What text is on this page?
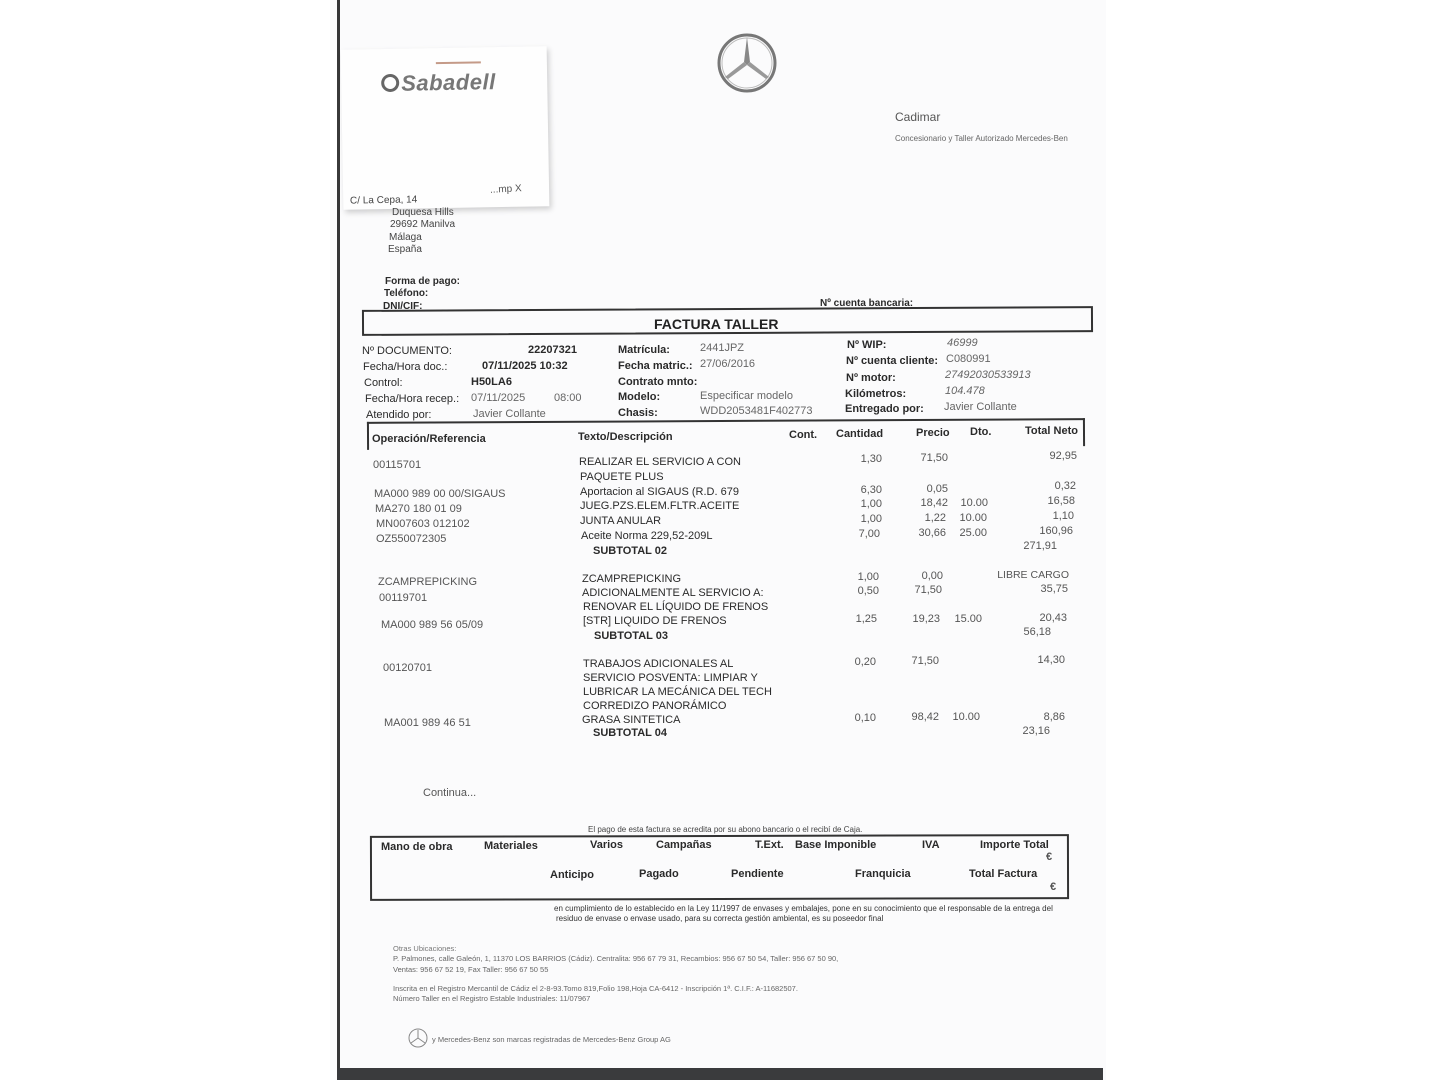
Sabadell
Cadimar
Concesionario y Taller Autorizado Mercedes-Ben
...mp X
C/ La Cepa, 14
Duquesa Hills
29692 Manilva
Málaga
España
Forma de pago:
Teléfono:
DNI/CIF:	Nº cuenta bancaria:
FACTURA TALLER
Nº DOCUMENTO:	22207321
Fecha/Hora doc.:	07/11/2025 10:32
Control:	H50LA6
Fecha/Hora recep.: 07/11/2025	08:00
Atendido por:	Javier Collante
Matrícula:	2441JPZ
Fecha matric.: 27/06/2016
Contrato mnto:
Modelo:	Especificar modelo
Chasis:	WDD2053481F402773
Nº WIP:	46999
Nº cuenta cliente: C080991
Nº motor:	27492030533913
Kilómetros:	104.478
Entregado por: Javier Collante
Operación/Referencia	Texto/Descripción	Cont. Cantidad	Precio Dto.	Total Neto
00115701	REALIZAR EL SERVICIO A CON	1,30	71,50	92,95
PAQUETE PLUS
MA000 989 00 00/SIGAUS	Aportacion al SIGAUS (R.D. 679	6,30	0,05	0,32
MA270 180 01 09	JUEG.PZS.ELEM.FLTR.ACEITE	1,00	18,42	10.00	16,58
MN007603 012102	JUNTA ANULAR	1,00	1,22	10.00	1,10
OZ550072305	Aceite Norma 229,52-209L	7,00	30,66	25.00	160,96
SUBTOTAL 02	271,91
ZCAMPREPICKING	ZCAMPREPICKING	1,00	0,00	LIBRE CARGO
00119701	ADICIONALMENTE AL SERVICIO A:	0,50	71,50	35,75
RENOVAR EL LÍQUIDO DE FRENOS
MA000 989 56 05/09	[STR] LIQUIDO DE FRENOS	1,25	19,23	15.00	20,43
SUBTOTAL 03	56,18
00120701	TRABAJOS ADICIONALES AL	0,20	71,50	14,30
SERVICIO POSVENTA: LIMPIAR Y
LUBRICAR LA MECÁNICA DEL TECH
CORREDIZO PANORÁMICO
MA001 989 46 51	GRASA SINTETICA	0,10	98,42	10.00	8,86
SUBTOTAL 04	23,16
Continua...
El pago de esta factura se acredita por su abono bancario o el recibí de Caja.
Mano de obra	Materiales	Varios	Campañas	T.Ext. Base Imponible	IVA	Importe Total
€
Anticipo	Pagado	Pendiente	Franquicia	Total Factura
€
en cumplimiento de lo establecido en la Ley 11/1997 de envases y embalajes, pone en su conocimiento que el responsable de la entrega del
residuo de envase o envase usado, para su correcta gestión ambiental, es su poseedor final
Otras Ubicaciones:
P. Palmones, calle Galeón, 1, 11370 LOS BARRIOS (Cádiz). Centralita: 956 67 79 31, Recambios: 956 67 50 54, Taller: 956 67 50 90,
Ventas: 956 67 52 19, Fax Taller: 956 67 50 55
Inscrita en el Registro Mercantil de Cádiz el 2-8-93.Tomo 819,Folio 198,Hoja CA-6412 - Inscripción 1ª. C.I.F.: A-11682507.
Número Taller en el Registro Estable Industriales: 11/07967
y Mercedes-Benz son marcas registradas de Mercedes-Benz Group AG
